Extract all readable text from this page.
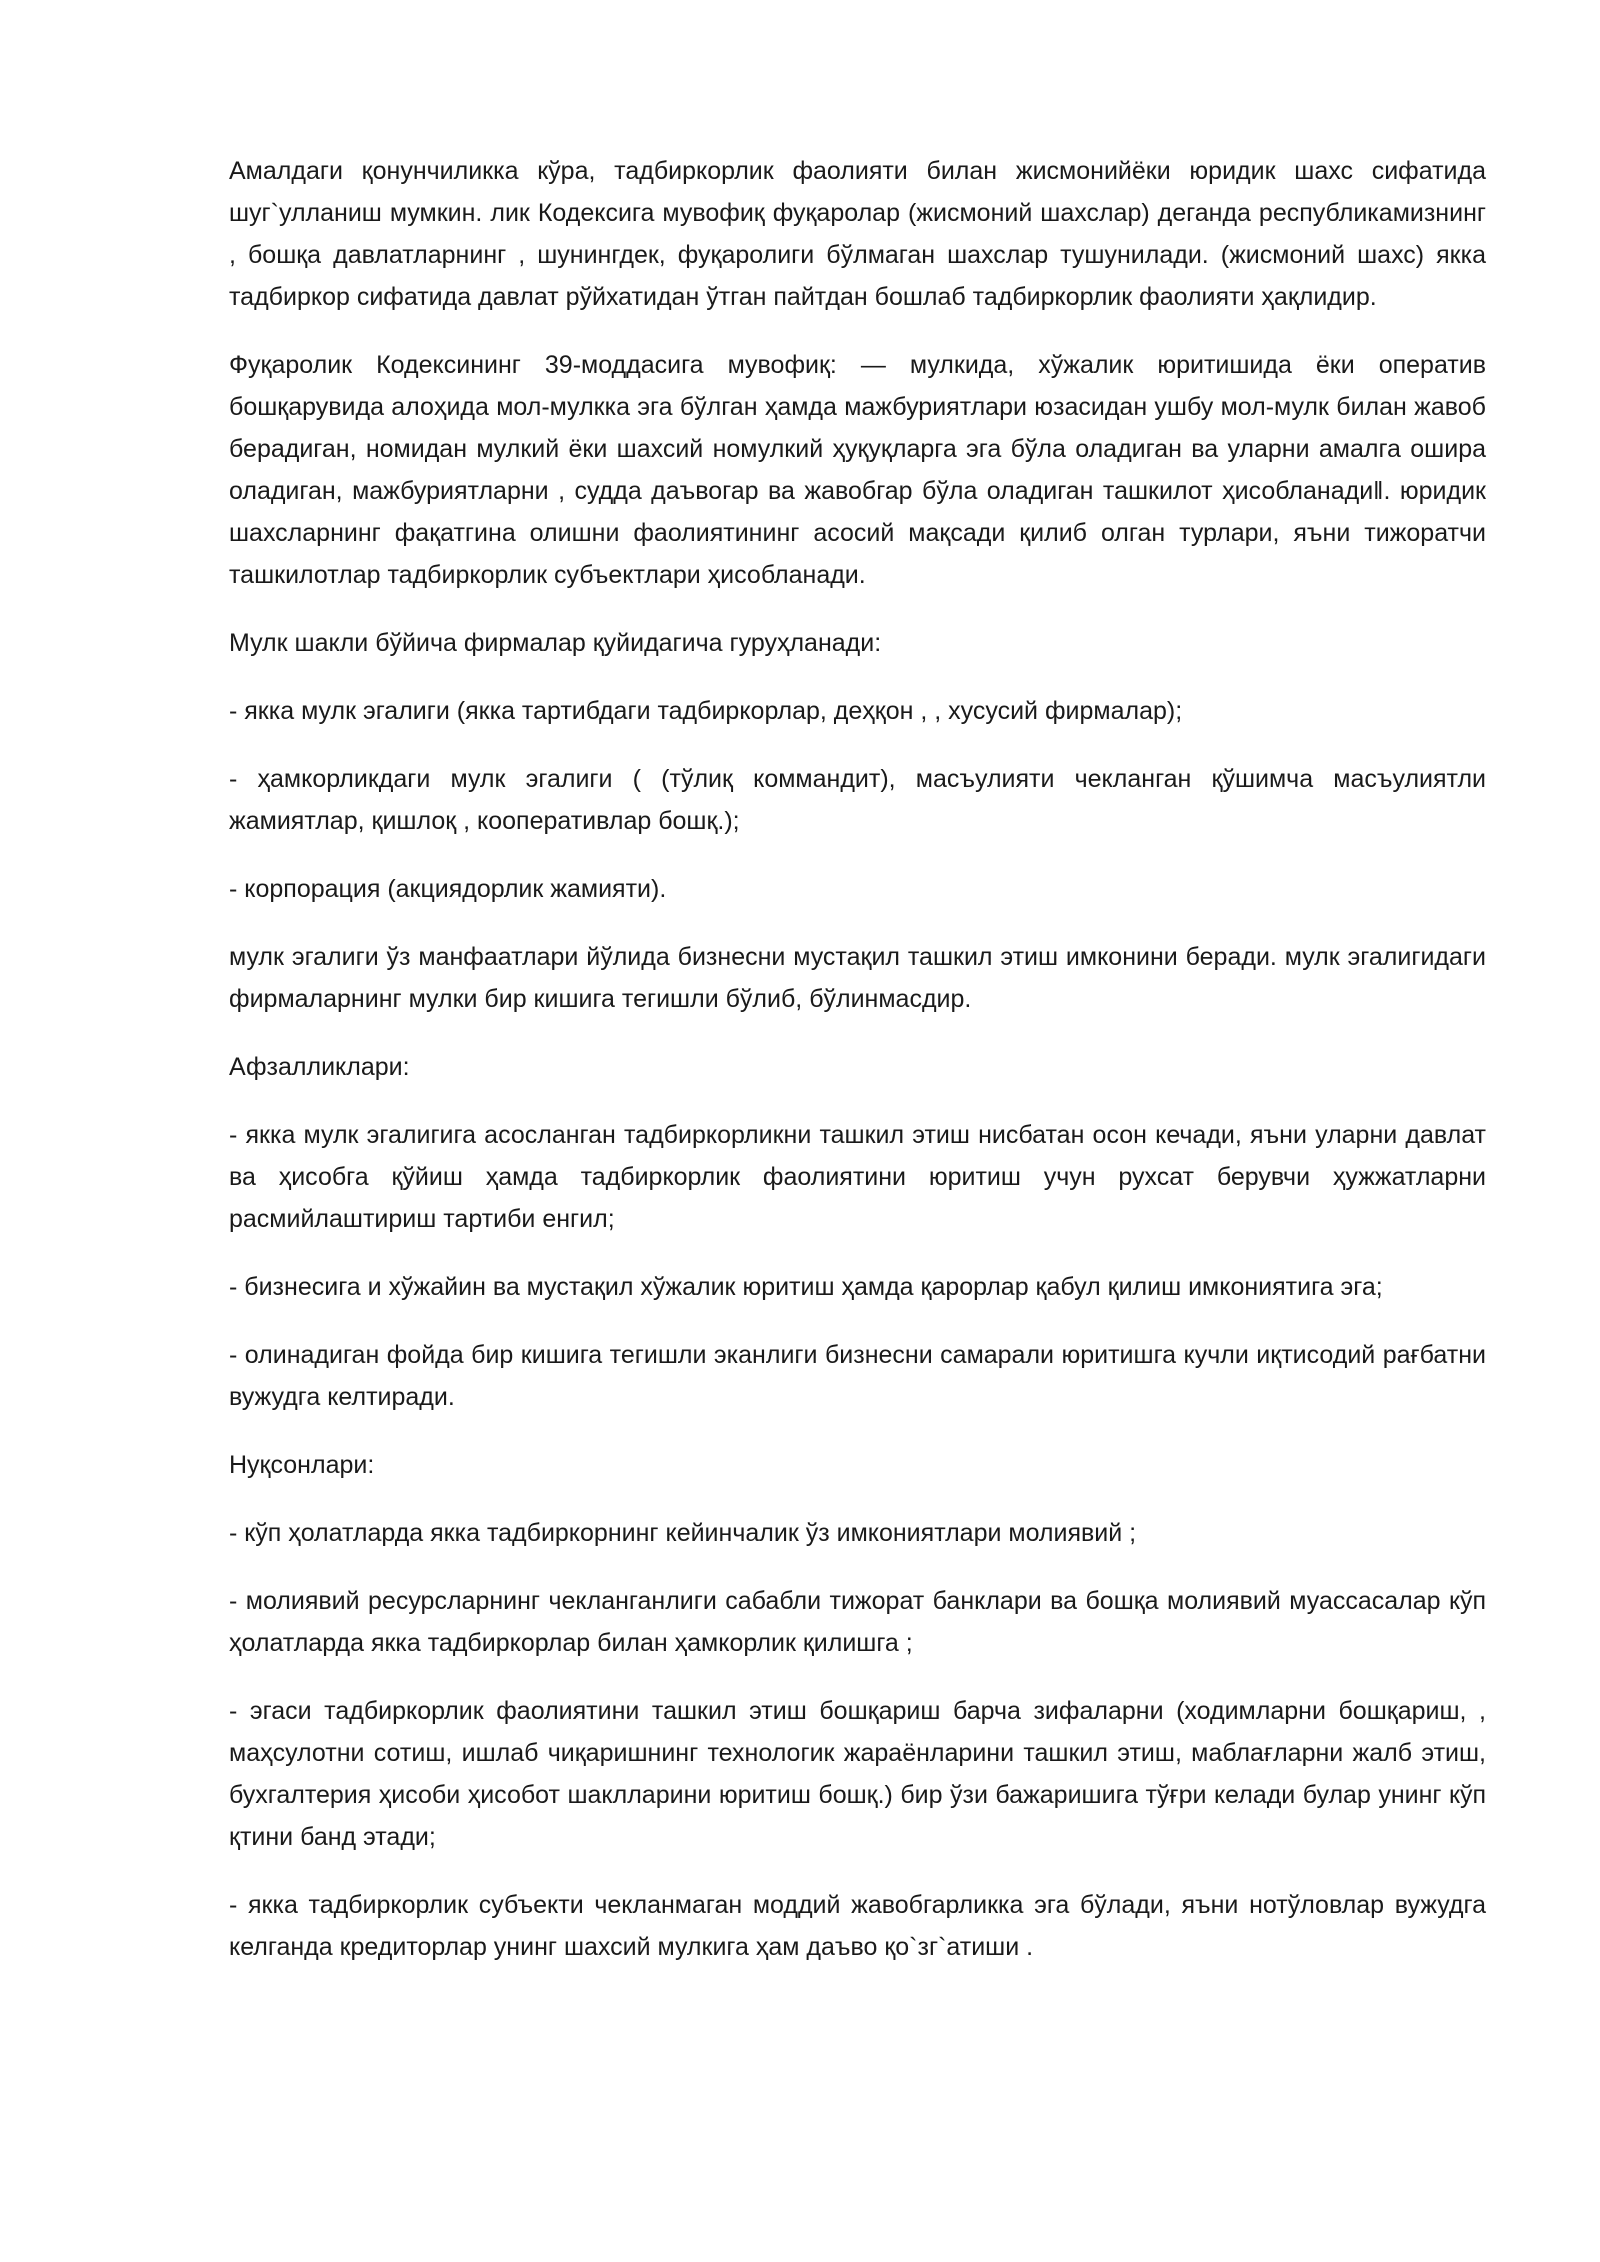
Амалдаги қонунчиликка кўра, тадбиркорлик фаолияти билан жисмонийёки юридик шахс сифатида шуг`улланиш мумкин. лик Кодексига мувофиқ фуқаролар (жисмоний шахслар) деганда республикамизнинг , бошқа давлатларнинг , шунингдек, фуқаролиги бўлмаган шахслар тушунилади. (жисмоний шахс) якка тадбиркор сифатида давлат рўйхатидан ўтган пайтдан бошлаб тадбиркорлик фаолияти ҳақлидир.

Фуқаролик Кодексининг 39-моддасига мувофиқ: — мулкида, хўжалик юритишида ёки оператив бошқарувида алоҳида мол-мулкка эга бўлган ҳамда мажбуриятлари юзасидан ушбу мол-мулк билан жавоб берадиган, номидан мулкий ёки шахсий номулкий ҳуқуқларга эга бўла оладиган ва уларни амалга ошира оладиган, мажбуриятларни , судда даъвогар ва жавобгар бўла оладиган ташкилот ҳисобланади‖. юридик шахсларнинг фақатгина олишни фаолиятининг асосий мақсади қилиб олган турлари, яъни тижоратчи ташкилотлар тадбиркорлик субъектлари ҳисобланади.

Мулк шакли бўйича фирмалар қуйидагича гуруҳланади:

- якка мулк эгалиги (якка тартибдаги тадбиркорлар, деҳқон , , хусусий фирмалар);

- ҳамкорликдаги мулк эгалиги ( (тўлиқ коммандит), масъулияти чекланган қўшимча масъулиятли жамиятлар, қишлоқ , кооперативлар бошқ.);

- корпорация (акциядорлик жамияти).

мулк эгалиги ўз манфаатлари йўлида бизнесни мустақил ташкил этиш имконини беради. мулк эгалигидаги фирмаларнинг мулки бир кишига тегишли бўлиб, бўлинмасдир.

Афзалликлари:

- якка мулк эгалигига асосланган тадбиркорликни ташкил этиш нисбатан осон кечади, яъни уларни давлат ва ҳисобга қўйиш ҳамда тадбиркорлик фаолиятини юритиш учун рухсат берувчи ҳужжатларни расмийлаштириш тартиби енгил;

- бизнесига и хўжайин ва мустақил хўжалик юритиш ҳамда қарорлар қабул қилиш имкониятига эга;

- олинадиган фойда бир кишига тегишли эканлиги бизнесни самарали юритишга кучли иқтисодий рағбатни вужудга келтиради.

Нуқсонлари:

- кўп ҳолатларда якка тадбиркорнинг кейинчалик ўз имкониятлари молиявий ;

- молиявий ресурсларнинг чекланганлиги сабабли тижорат банклари ва бошқа молиявий муассасалар кўп ҳолатларда якка тадбиркорлар билан ҳамкорлик қилишга ;

- эгаси тадбиркорлик фаолиятини ташкил этиш бошқариш барча зифаларни (ходимларни бошқариш, , маҳсулотни сотиш, ишлаб чиқаришнинг технологик жараёнларини ташкил этиш, маблағларни жалб этиш, бухгалтерия ҳисоби ҳисобот шаклларини юритиш бошқ.) бир ўзи бажаришига тўғри келади булар унинг кўп қтини банд этади;

- якка тадбиркорлик субъекти чекланмаган моддий жавобгарликка эга бўлади, яъни нотўловлар вужудга келганда кредиторлар унинг шахсий мулкига ҳам даъво қо`зг`атиши .
